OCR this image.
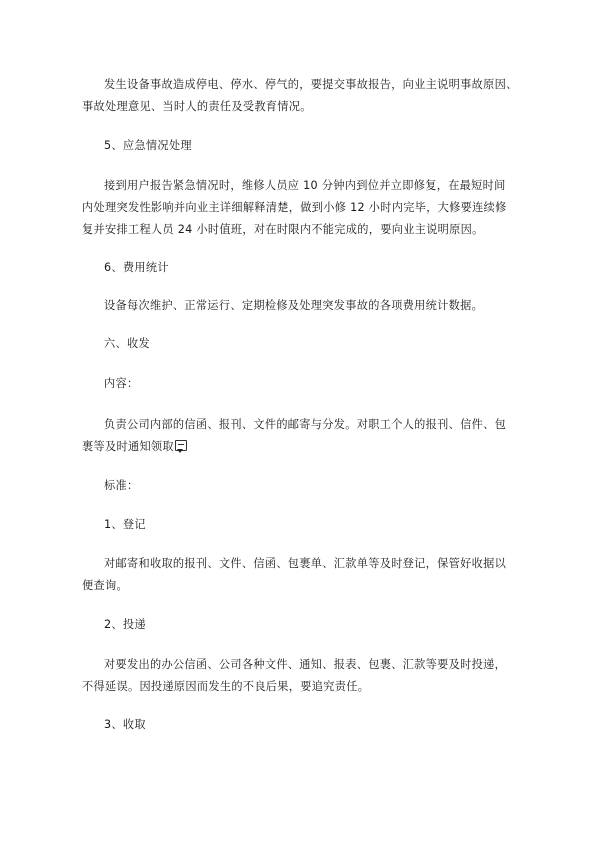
发生设备事故造成停电、停水、停气的，要提交事故报告，向业主说明事故原因、
事故处理意见、当时人的责任及受教育情况。

5、应急情况处理

接到用户报告紧急情况时，维修人员应 10 分钟内到位并立即修复，在最短时间
内处理突发性影响并向业主详细解释清楚，做到小修 12 小时内完毕，大修要连续修
复并安排工程人员 24 小时值班，对在时限内不能完成的，要向业主说明原因。

6、费用统计

设备每次维护、正常运行、定期检修及处理突发事故的各项费用统计数据。

六、收发

内容：

负责公司内部的信函、报刊、文件的邮寄与分发。对职工个人的报刊、信件、包
裹等及时通知领取

标准：

1、登记

对邮寄和收取的报刊、文件、信函、包裹单、汇款单等及时登记，保管好收据以
便查询。

2、投递

对要发出的办公信函、公司各种文件、通知、报表、包裹、汇款等要及时投递，
不得延误。因投递原因而发生的不良后果，要追究责任。

3、收取
